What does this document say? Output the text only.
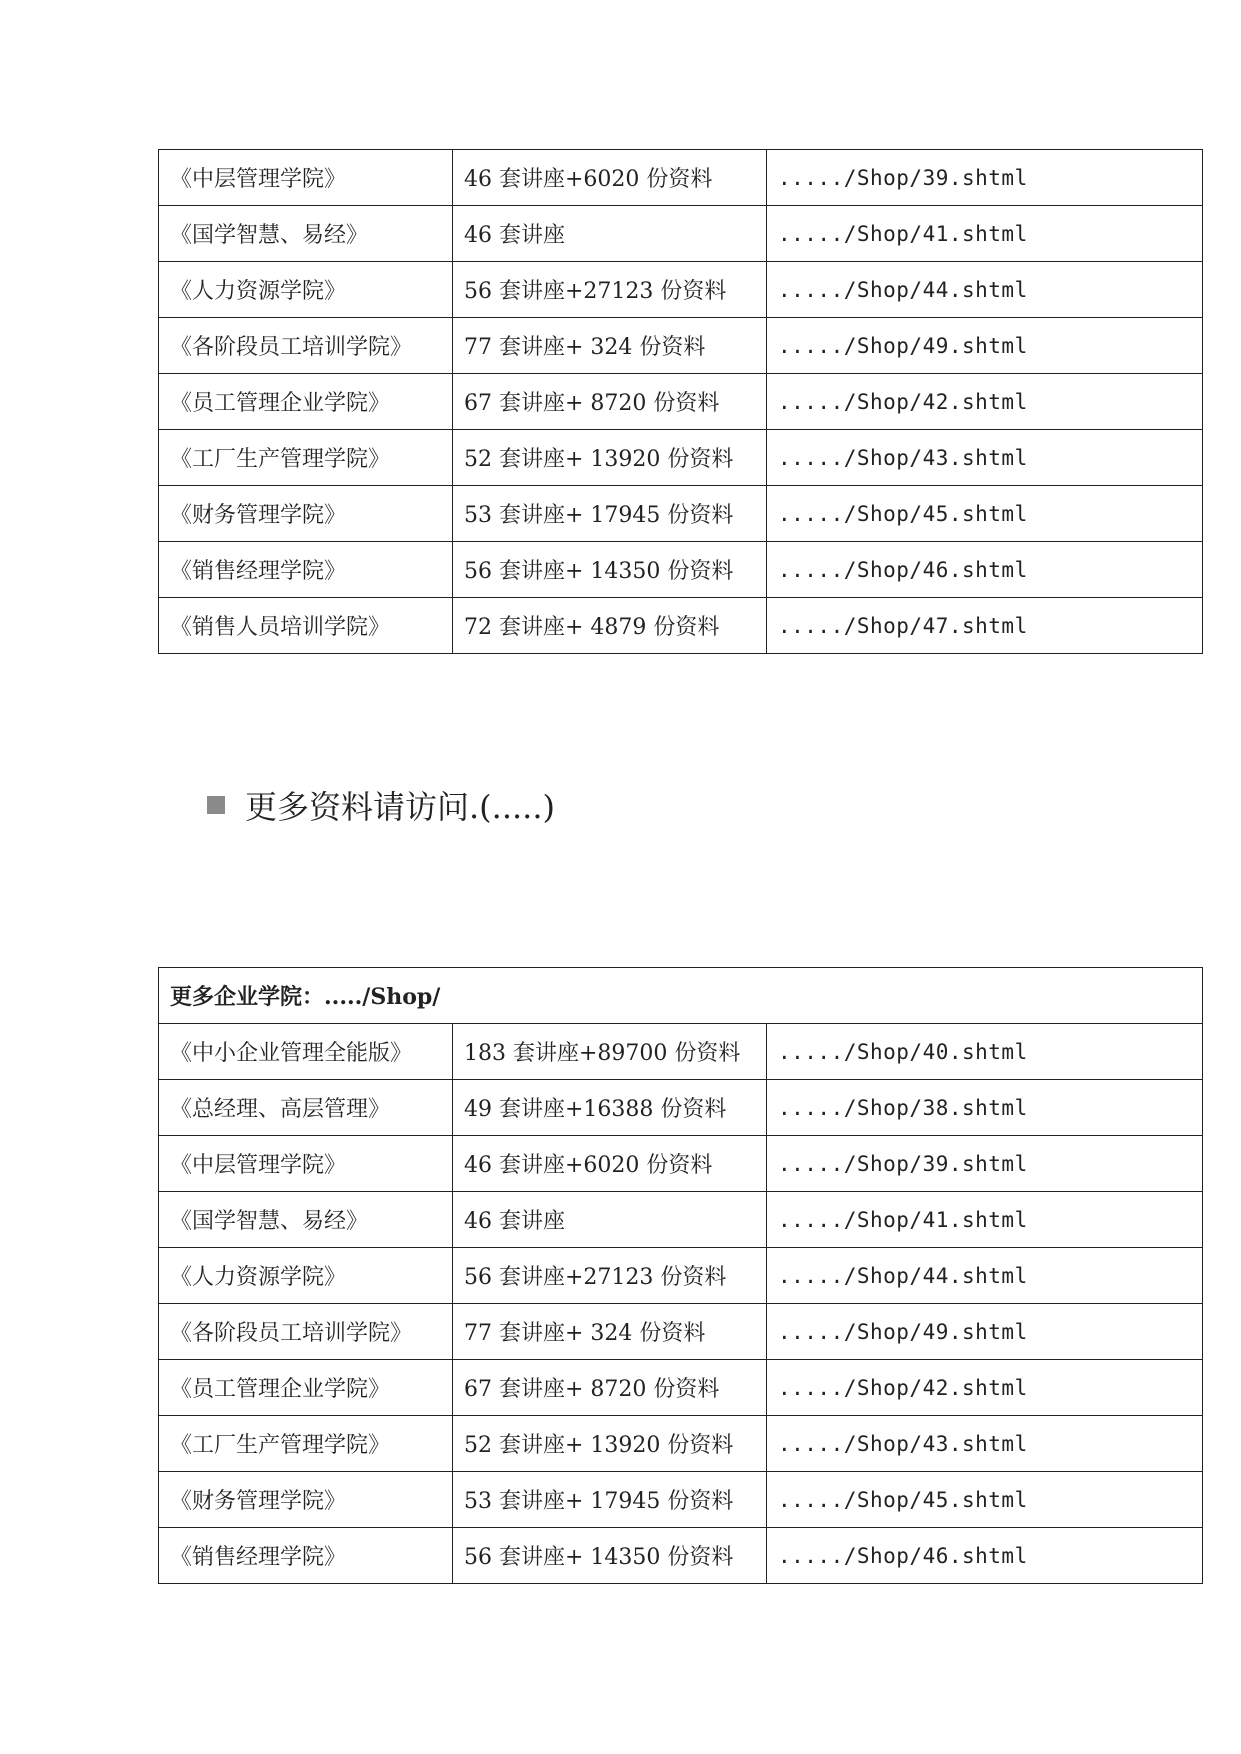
《中层管理学院》	46 套讲座+6020 份资料	...../Shop/39.shtml
《国学智慧、易经》	46 套讲座	...../Shop/41.shtml
《人力资源学院》	56 套讲座+27123 份资料	...../Shop/44.shtml
《各阶段员工培训学院》	77 套讲座+ 324 份资料	...../Shop/49.shtml
《员工管理企业学院》	67 套讲座+ 8720 份资料	...../Shop/42.shtml
《工厂生产管理学院》	52 套讲座+ 13920 份资料	...../Shop/43.shtml
《财务管理学院》	53 套讲座+ 17945 份资料	...../Shop/45.shtml
《销售经理学院》	56 套讲座+ 14350 份资料	...../Shop/46.shtml
《销售人员培训学院》	72 套讲座+ 4879 份资料	...../Shop/47.shtml
更多资料请访问.(.....)
更多企业学院：...../Shop/		
《中小企业管理全能版》	183 套讲座+89700 份资料	...../Shop/40.shtml
《总经理、高层管理》	49 套讲座+16388 份资料	...../Shop/38.shtml
《中层管理学院》	46 套讲座+6020 份资料	...../Shop/39.shtml
《国学智慧、易经》	46 套讲座	...../Shop/41.shtml
《人力资源学院》	56 套讲座+27123 份资料	...../Shop/44.shtml
《各阶段员工培训学院》	77 套讲座+ 324 份资料	...../Shop/49.shtml
《员工管理企业学院》	67 套讲座+ 8720 份资料	...../Shop/42.shtml
《工厂生产管理学院》	52 套讲座+ 13920 份资料	...../Shop/43.shtml
《财务管理学院》	53 套讲座+ 17945 份资料	...../Shop/45.shtml
《销售经理学院》	56 套讲座+ 14350 份资料	...../Shop/46.shtml
